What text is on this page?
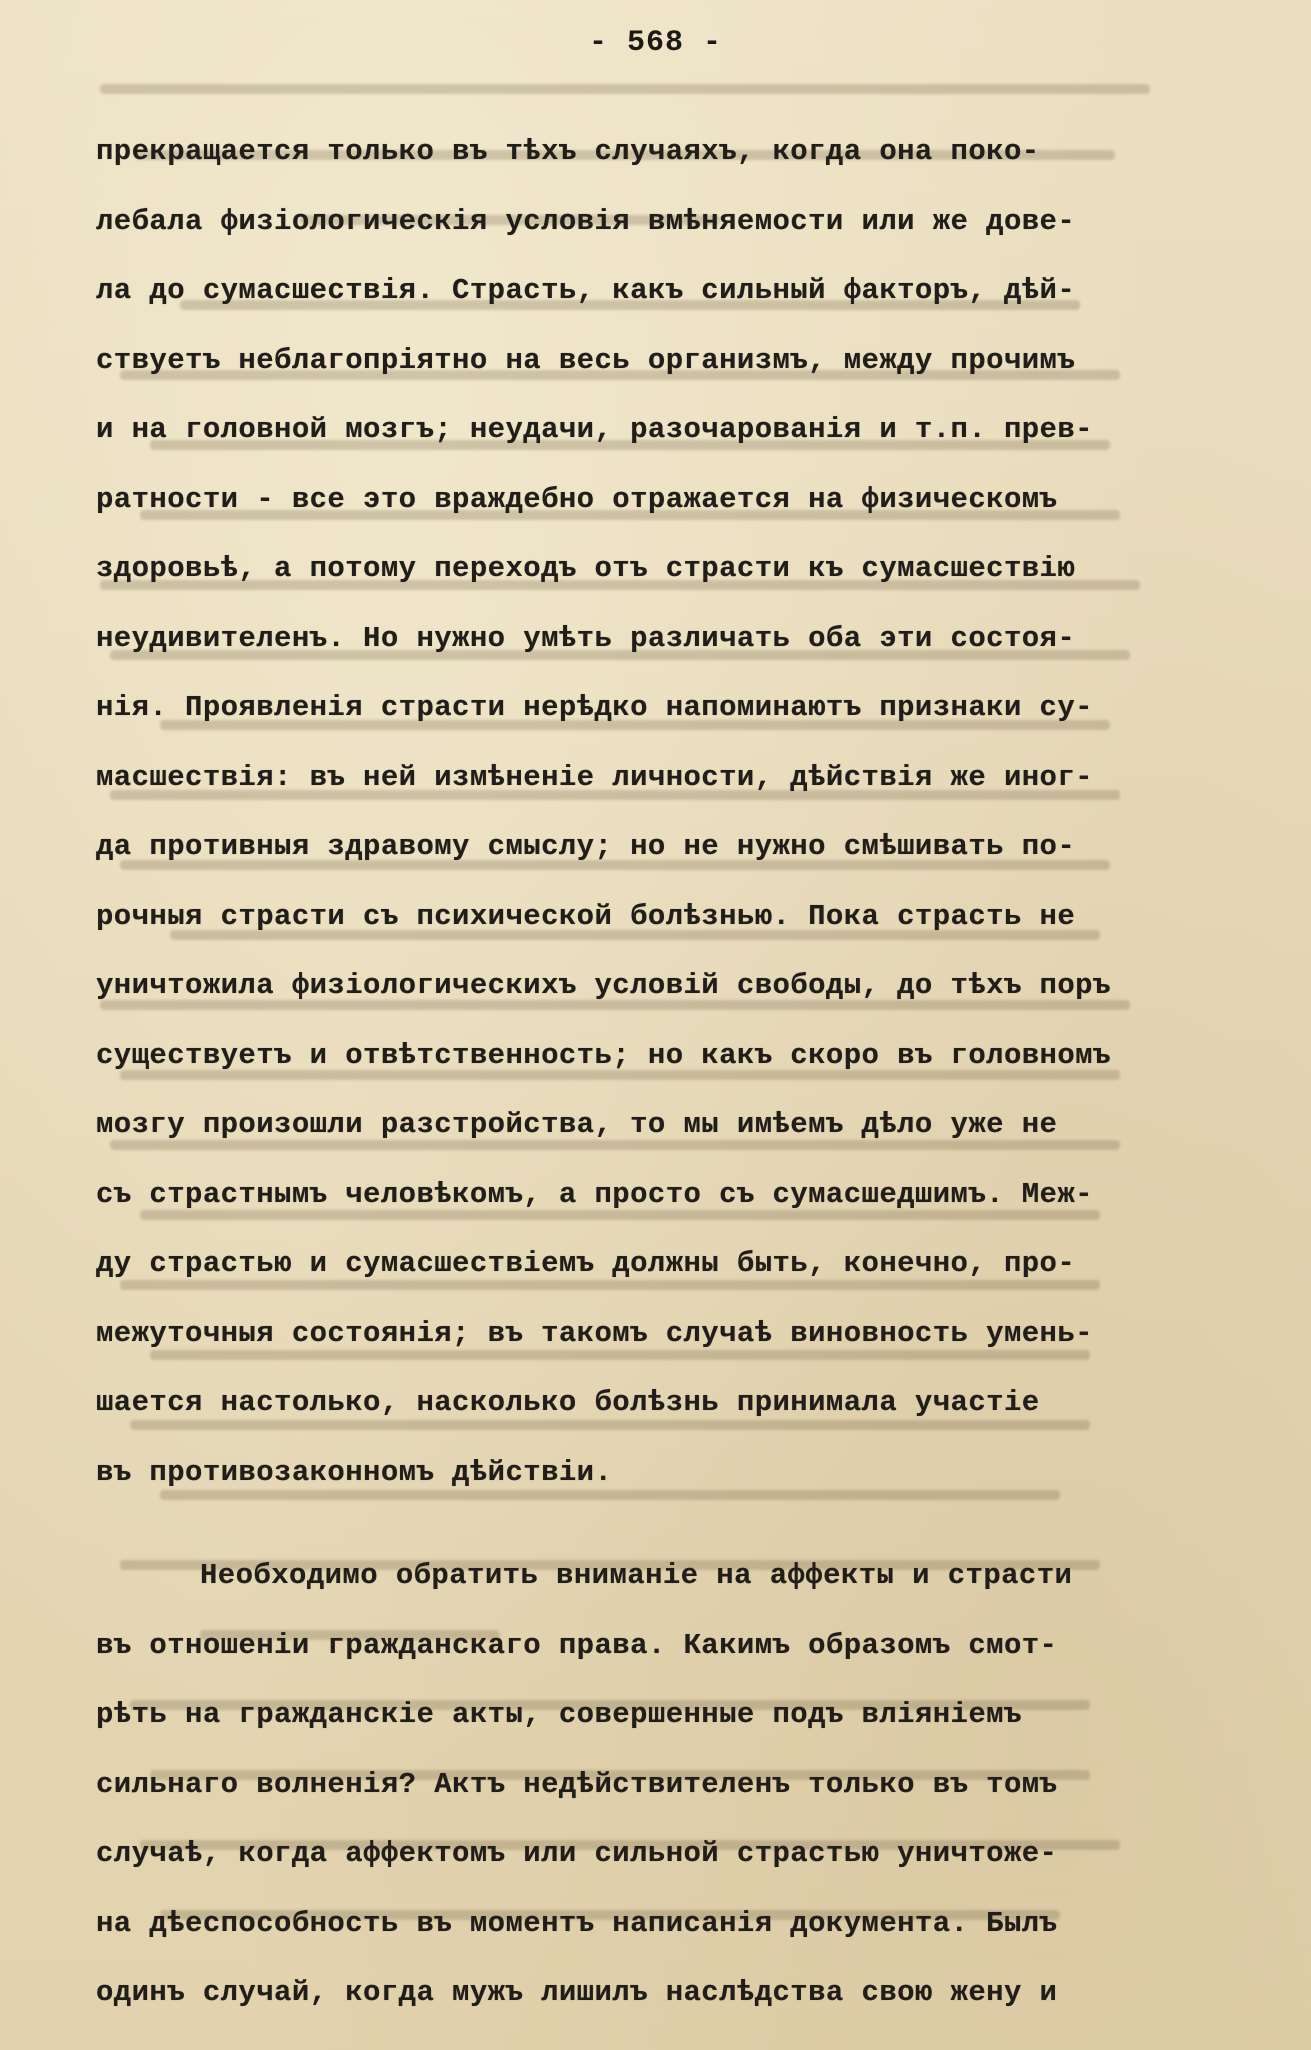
- 568 -
прекращается только въ тѣхъ случаяхъ, когда она поко-
лебала физiологическiя условiя вмѣняемости или же дове-
ла до сумасшествiя. Страсть, какъ сильный факторъ, дѣй-
ствуетъ неблагопрiятно на весь организмъ, между прочимъ
и на головной мозгъ; неудачи, разочарованiя и т.п. прев-
ратности - все это враждебно отражается на физическомъ
здоровьѣ, а потому переходъ отъ страсти къ сумасшествiю
неудивителенъ. Но нужно умѣть различать оба эти состоя-
нiя. Проявленiя страсти нерѣдко напоминаютъ признаки су-
масшествiя: въ ней измѣненiе личности, дѣйствiя же иног-
да противныя здравому смыслу; но не нужно смѣшивать по-
рочныя страсти съ психической болѣзнью. Пока страсть не
уничтожила физiологическихъ условiй свободы, до тѣхъ поръ
существуетъ и отвѣтственность; но какъ скоро въ головномъ
мозгу произошли разстройства, то мы имѣемъ дѣло уже не
съ страстнымъ человѣкомъ, а просто съ сумасшедшимъ. Меж-
ду страстью и сумасшествiемъ должны быть, конечно, про-
межуточныя состоянiя; въ такомъ случаѣ виновность умень-
шается настолько, насколько болѣзнь принимала участiе
въ противозаконномъ дѣйствiи.
Необходимо обратить вниманiе на аффекты и страсти
въ отношенiи гражданскаго права. Какимъ образомъ смот-
рѣть на гражданскiе акты, совершенные подъ влiянiемъ
сильнаго волненiя? Актъ недѣйствителенъ только въ томъ
случаѣ, когда аффектомъ или сильной страстью уничтоже-
на дѣеспособность въ моментъ написанiя документа. Былъ
одинъ случай, когда мужъ лишилъ наслѣдства свою жену и
